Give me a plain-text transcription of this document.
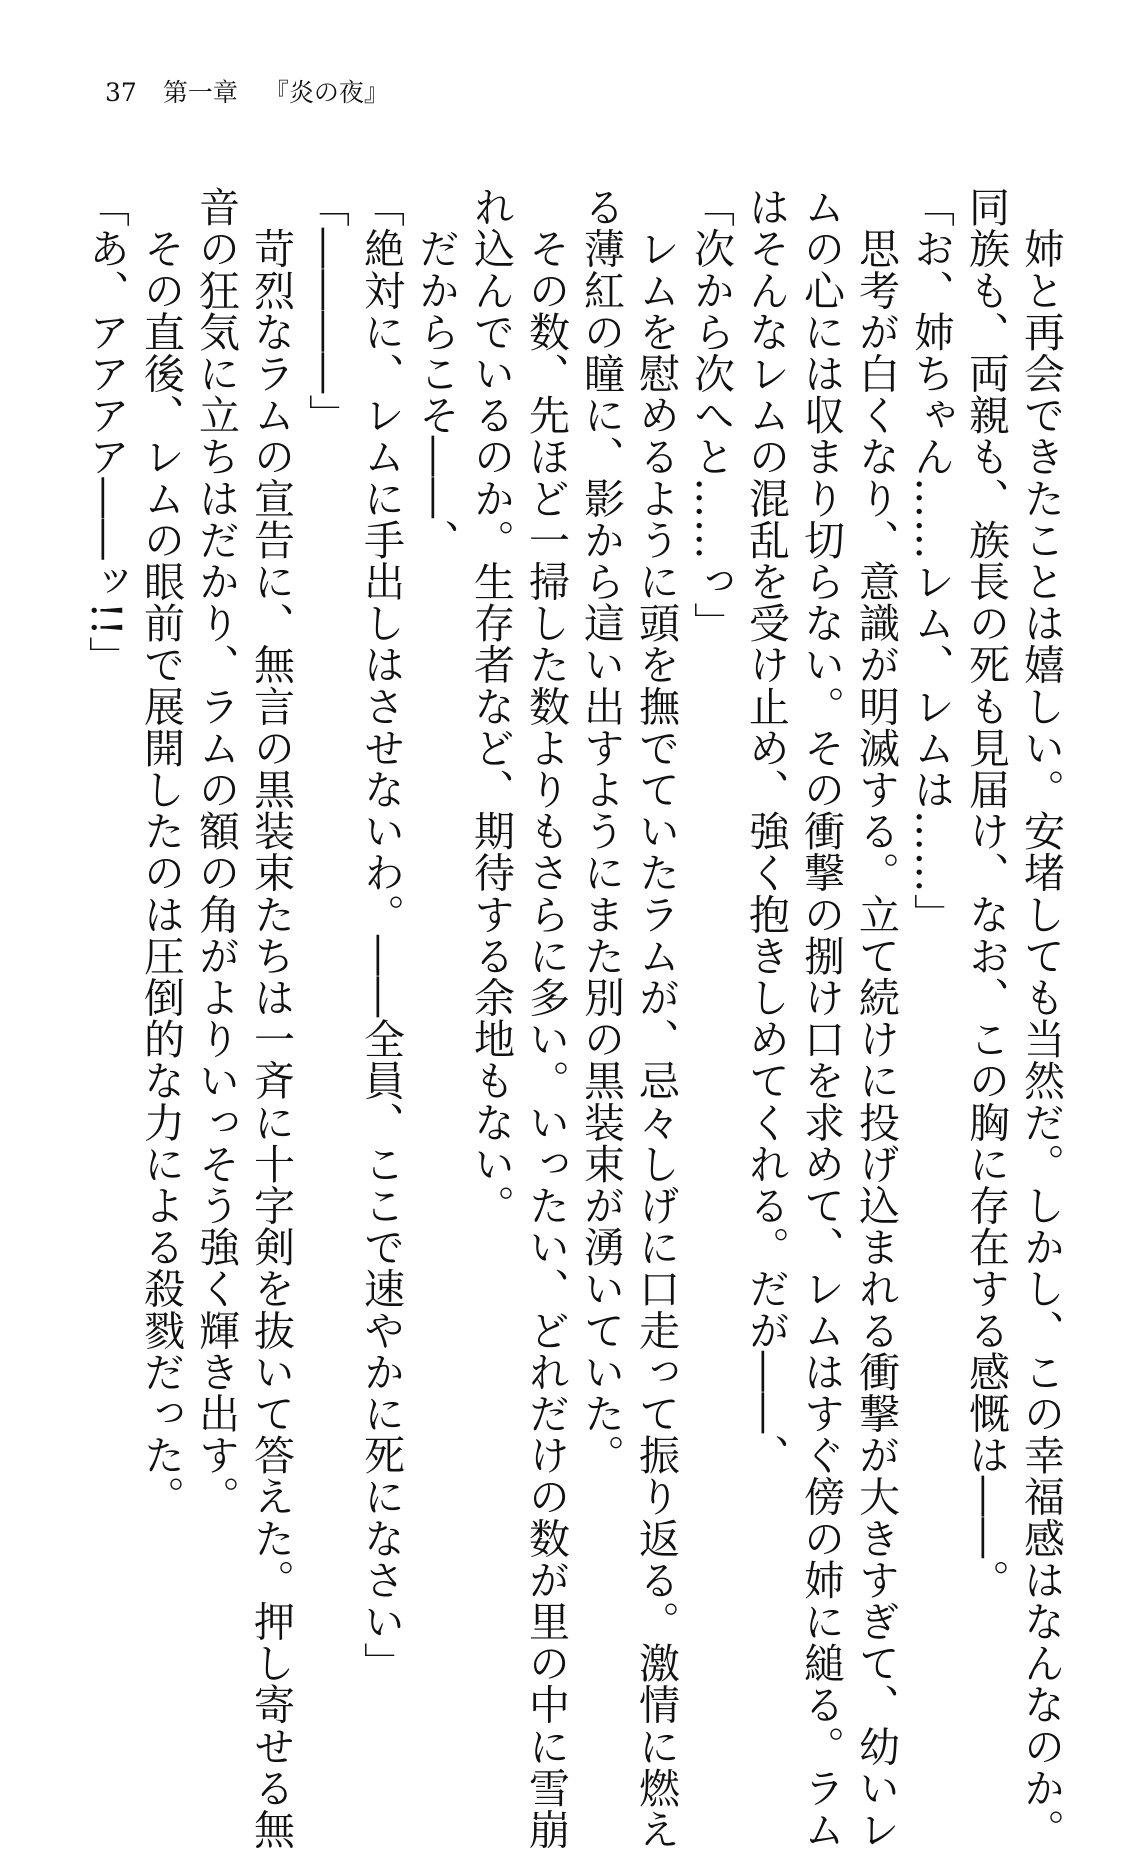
37 第一章 『炎の夜』

　姉と再会できたことは嬉しい。安堵しても当然だ。しかし、この幸福感はなんなのか。

同族も、両親も、族長の死も見届け、なお、この胸に存在する感慨は――。

「お、姉ちゃん……レム、レムは……」

　思考が白くなり、意識が明滅する。立て続けに投げ込まれる衝撃が大きすぎて、幼いレ

ムの心には収まり切らない。その衝撃の捌け口を求めて、レムはすぐ傍の姉に縋る。ラム

はそんなレムの混乱を受け止め、強く抱きしめてくれる。だが――、

「次から次へと……っ」

　レムを慰めるように頭を撫でていたラムが、忌々しげに口走って振り返る。激情に燃え

る薄紅の瞳に、影から這い出すようにまた別の黒装束が湧いていた。

　その数、先ほど一掃した数よりもさらに多い。いったい、どれだけの数が里の中に雪崩

れ込んでいるのか。生存者など、期待する余地もない。

　だからこそ――、

「絶対に、レムに手出しはさせないわ。――全員、ここで速やかに死になさい」

「――――」

　苛烈なラムの宣告に、無言の黒装束たちは一斉に十字剣を抜いて答えた。押し寄せる無

音の狂気に立ちはだかり、ラムの額の角がよりいっそう強く輝き出す。

　その直後、レムの眼前で展開したのは圧倒的な力による殺戮だった。

「あ、アアアア――ッ!!」
